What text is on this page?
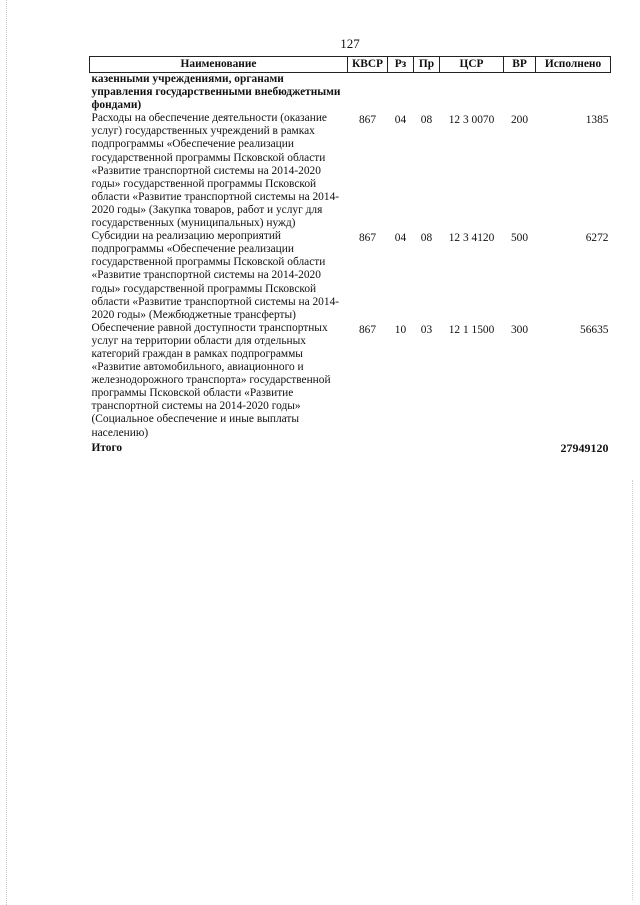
127
Наименование	КВСР	Рз	Пр	ЦСР	ВР	Исполнено
казенными учреждениями, органами управления государственными внебюджетными фондами)						
Расходы на обеспечение деятельности (оказание услуг) государственных учреждений в рамках подпрограммы «Обеспечение реализации государственной программы Псковской области «Развитие транспортной системы на 2014-2020 годы» государственной программы Псковской области «Развитие транспортной системы на 2014-2020 годы» (Закупка товаров, работ и услуг для государственных (муниципальных) нужд)	867	04	08	12 3 0070	200	1385
Субсидии на реализацию мероприятий подпрограммы «Обеспечение реализации государственной программы Псковской области «Развитие транспортной системы на 2014-2020 годы» государственной программы Псковской области «Развитие транспортной системы на 2014-2020 годы» (Межбюджетные трансферты)	867	04	08	12 3 4120	500	6272
Обеспечение равной доступности транспортных услуг на территории области для отдельных категорий граждан в рамках подпрограммы «Развитие автомобильного, авиационного и железнодорожного транспорта» государственной программы Псковской области «Развитие транспортной системы на 2014-2020 годы» (Социальное обеспечение и иные выплаты населению)	867	10	03	12 1 1500	300	56635
Итого						27949120
